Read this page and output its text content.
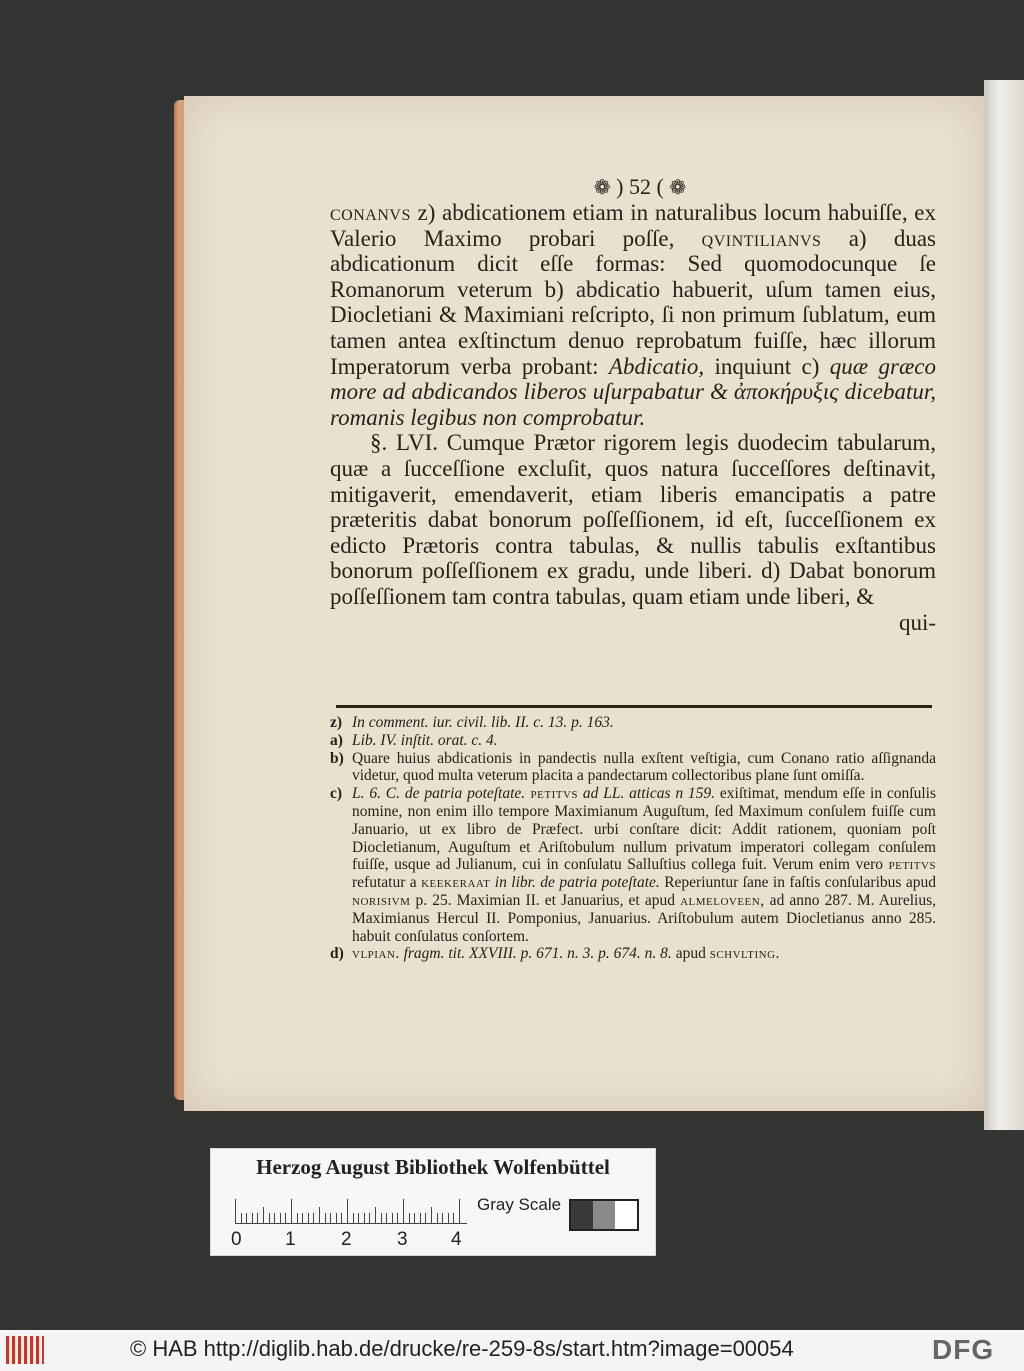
❁ ) 52 ( ❁

conanvs z) abdicationem etiam in naturalibus locum habuiſſe, ex Valerio Maximo probari poſſe, qvintilianvs a) duas abdicationum dicit eſſe formas: Sed quomodocunque ſe Romanorum veterum b) abdicatio habuerit, uſum tamen eius, Diocletiani & Maximiani reſcripto, ſi non primum ſublatum, eum tamen antea exſtinctum denuo reprobatum fuiſſe, hæc illorum Imperatorum verba probant: Abdicatio, inquiunt c) quæ græco more ad abdicandos liberos uſurpabatur & ἀποκήρυξις dicebatur, romanis legibus non comprobatur.

§. LVI. Cumque Prætor rigorem legis duodecim tabularum, quæ a ſucceſſione excluſit, quos natura ſucceſſores deſtinavit, mitigaverit, emendaverit, etiam liberis emancipatis a patre præteritis dabat bonorum poſſeſſionem, id eſt, ſucceſſionem ex edicto Prætoris contra tabulas, & nullis tabulis exſtantibus bonorum poſſeſſionem ex gradu, unde liberi. d) Dabat bonorum poſſeſſionem tam contra tabulas, quam etiam unde liberi, &

qui-

z) In comment. iur. civil. lib. II. c. 13. p. 163.
a) Lib. IV. inſtit. orat. c. 4.
b) Quare huius abdicationis in pandectis nulla exſtent veſtigia, cum Conano ratio aſſignanda videtur, quod multa veterum placita a pandectarum collectoribus plane ſunt omiſſa.
c) L. 6. C. de patria poteſtate. petitvs ad LL. atticas n 159. exiſtimat, mendum eſſe in conſulis nomine, non enim illo tempore Maximianum Auguſtum, ſed Maximum conſulem fuiſſe cum Januario, ut ex libro de Præfect. urbi conſtare dicit: Addit rationem, quoniam poſt Diocletianum, Auguſtum et Ariſtobulum nullum privatum imperatori collegam conſulem fuiſſe, usque ad Julianum, cui in conſulatu Salluſtius collega fuit. Verum enim vero petitvs refutatur a keekeraat in libr. de patria poteſtate. Reperiuntur ſane in faſtis conſularibus apud norisivm p. 25. Maximian II. et Januarius, et apud almeloveen, ad anno 287. M. Aurelius, Maximianus Hercul II. Pomponius, Januarius. Ariſtobulum autem Diocletianus anno 285. habuit conſulatus conſortem.
d) vlpian. fragm. tit. XXVIII. p. 671. n. 3. p. 674. n. 8. apud schvlting.
Herzog August Bibliothek Wolfenbüttel
0 1 2 3 4
Gray Scale
© HAB http://diglib.hab.de/drucke/re-259-8s/start.htm?image=00054	DFG
